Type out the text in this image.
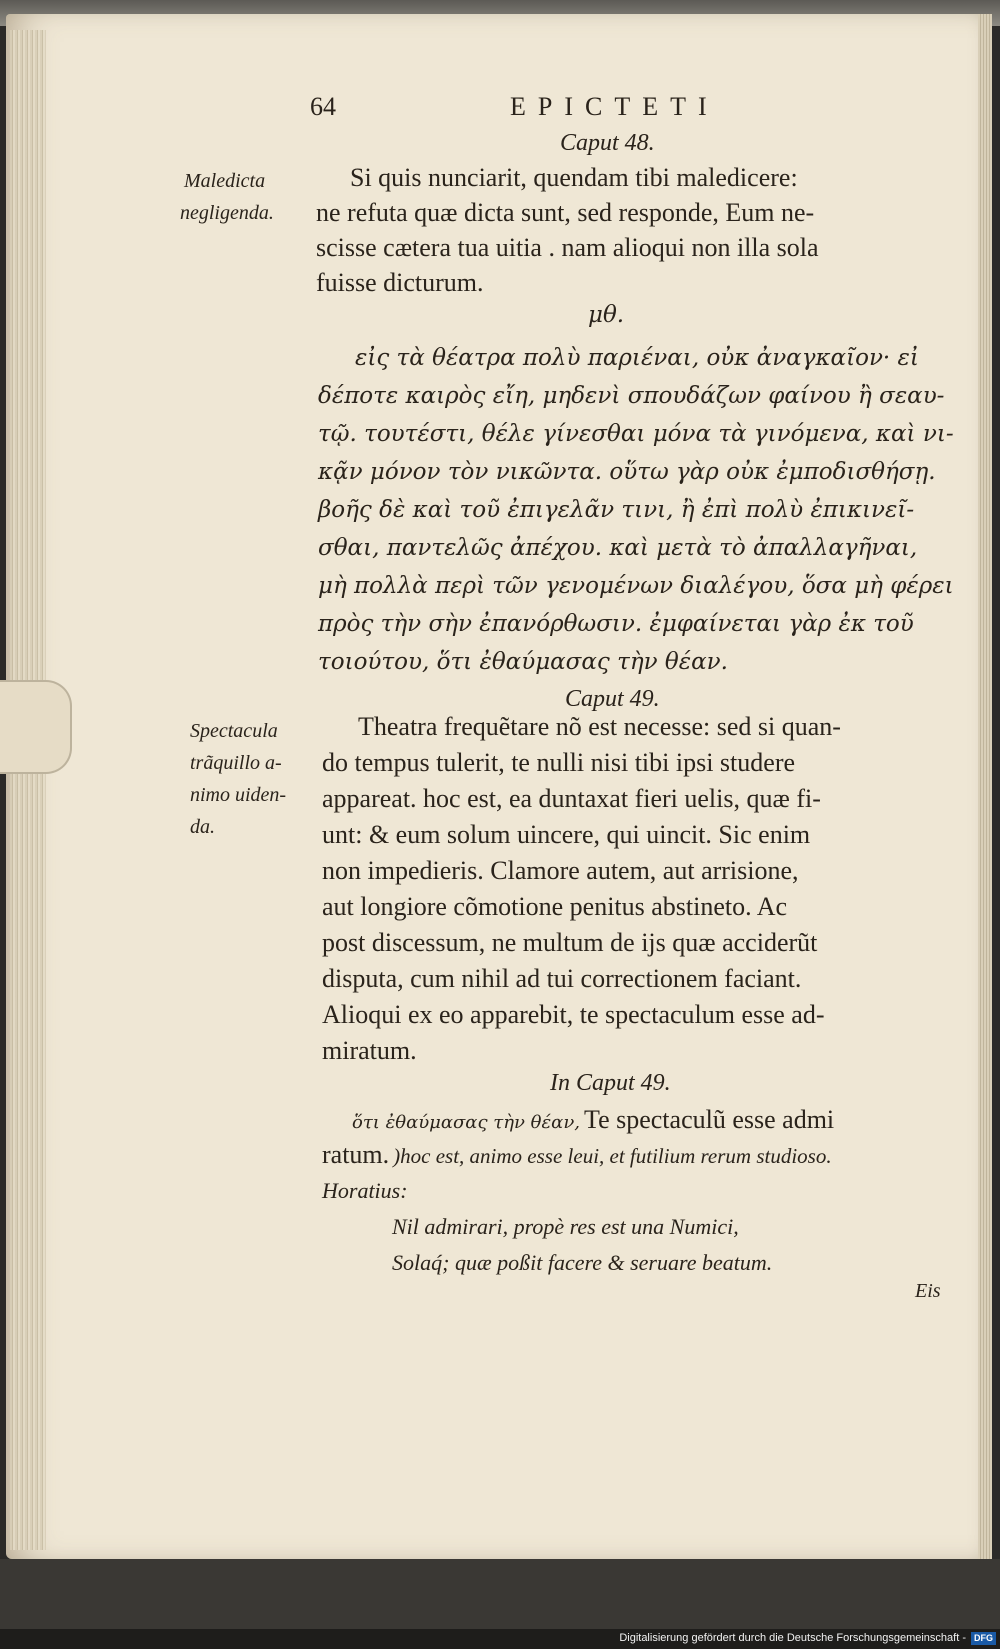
64	EPICTETI
Caput 48.
Maledicta
negligenda.
Si quis nunciarit, quendam tibi maledicere:
ne refuta quæ dicta sunt, sed responde, Eum ne-
scisse cætera tua uitia . nam alioqui non illa sola
fuisse dicturum.
μθ.
εἰς τὰ θέατρα πολὺ παριέναι, οὐκ ἀναγκαῖον· εἰ
δέποτε καιρὸς εἴη, μηδενὶ σπουδάζων φαίνου ἢ σεαυ-
τῷ. τουτέστι, θέλε γίνεσθαι μόνα τὰ γινόμενα, καὶ νι-
κᾷν μόνον τὸν νικῶντα. οὕτω γὰρ οὐκ ἐμποδισθήσῃ.
βοῆς δὲ καὶ τοῦ ἐπιγελᾶν τινι, ἢ ἐπὶ πολὺ ἐπικινεῖ-
σθαι, παντελῶς ἀπέχου. καὶ μετὰ τὸ ἀπαλλαγῆναι,
μὴ πολλὰ περὶ τῶν γενομένων διαλέγου, ὅσα μὴ φέρει
πρὸς τὴν σὴν ἐπανόρθωσιν. ἐμφαίνεται γὰρ ἐκ τοῦ
τοιούτου, ὅτι ἐθαύμασας τὴν θέαν.
Caput 49.
Spectacula
trãquillo a-
nimo uiden-
da.
Theatra frequẽtare nõ est necesse: sed si quan-
do tempus tulerit, te nulli nisi tibi ipsi studere
appareat. hoc est, ea duntaxat fieri uelis, quæ fi-
unt: & eum solum uincere, qui uincit. Sic enim
non impedieris. Clamore autem, aut arrisione,
aut longiore cõmotione penitus abstineto. Ac
post discessum, ne multum de ijs quæ acciderũt
disputa, cum nihil ad tui correctionem faciant.
Alioqui ex eo apparebit, te spectaculum esse ad-
miratum.
In Caput 49.
ὅτι ἐθαύμασας τὴν θέαν, Te spectaculũ esse admi
ratum. )hoc est, animo esse leui, et futilium rerum studioso.
Horatius:
Nil admirari, propè res est una Numici,
Solaq́; quæ poßit facere & seruare beatum.
Eis
Digitalisierung gefördert durch die Deutsche Forschungsgemeinschaft - DFG
